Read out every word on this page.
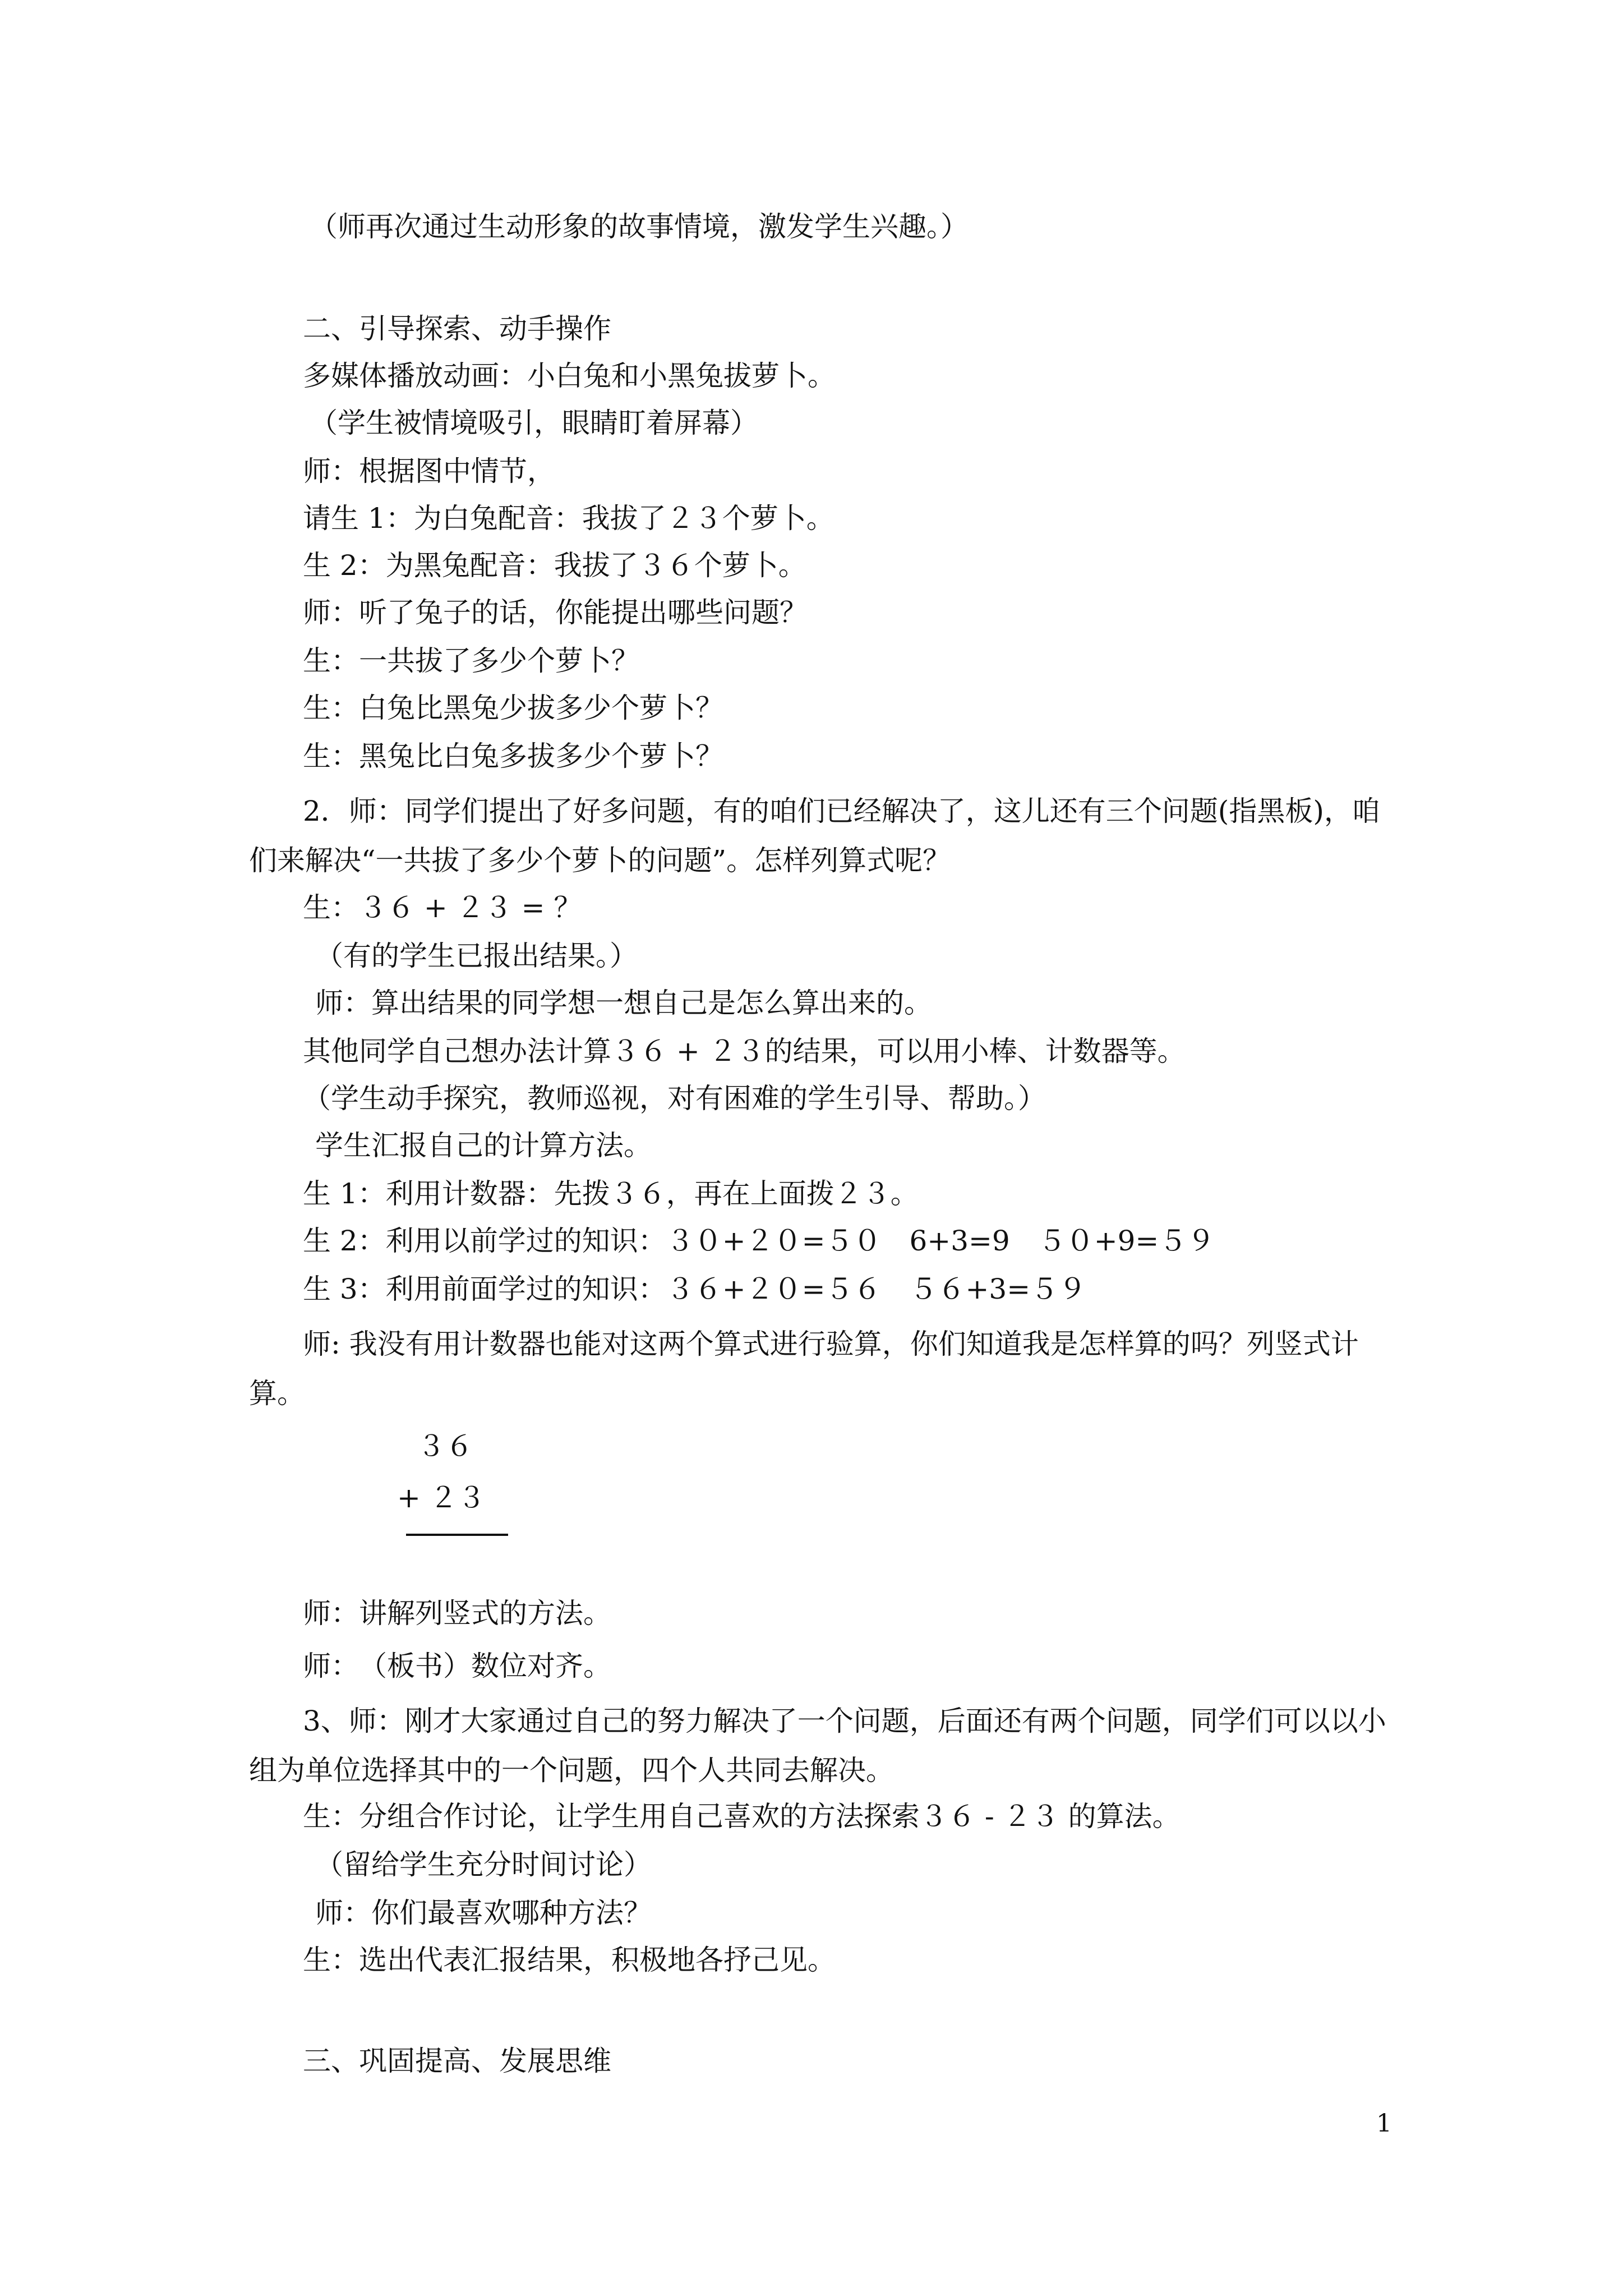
（师再次通过生动形象的故事情境，激发学生兴趣。）
二、引导探索、动手操作
多媒体播放动画：小白兔和小黑兔拔萝卜。
（学生被情境吸引，眼睛盯着屏幕）
师：根据图中情节，
请生 1：为白兔配音：我拔了２３个萝卜。
生 2：为黑兔配音：我拔了３６个萝卜。
师：听了兔子的话，你能提出哪些问题？
生：一共拔了多少个萝卜？
生：白兔比黑兔少拔多少个萝卜？
生：黑兔比白兔多拔多少个萝卜？
2．师：同学们提出了好多问题，有的咱们已经解决了，这儿还有三个问题(指黑板)，咱们来解决“一共拔了多少个萝卜的问题”。怎样列算式呢？
生：３６ + ２３ = ？
（有的学生已报出结果。）
师：算出结果的同学想一想自己是怎么算出来的。
其他同学自己想办法计算３６ + ２３的结果，可以用小棒、计数器等。
（学生动手探究，教师巡视，对有困难的学生引导、帮助。）
学生汇报自己的计算方法。
生 1：利用计数器：先拨３６，再在上面拨２３。
生 2：利用以前学过的知识：３０+２０=５０　6+3=9　５０+9=５９
生 3：利用前面学过的知识：３６+２０=５６　５６+3=５９
师: 我没有用计数器也能对这两个算式进行验算，你们知道我是怎样算的吗？列竖式计算。
３６
+ ２３
师：讲解列竖式的方法。
师：　（板书）数位对齐。
3、师：刚才大家通过自己的努力解决了一个问题，后面还有两个问题，同学们可以以小组为单位选择其中的一个问题，四个人共同去解决。
生：分组合作讨论，让学生用自己喜欢的方法探索３６ - ２３ 的算法。
（留给学生充分时间讨论）
师：你们最喜欢哪种方法？
生：选出代表汇报结果，积极地各抒己见。
三、巩固提高、发展思维
1
